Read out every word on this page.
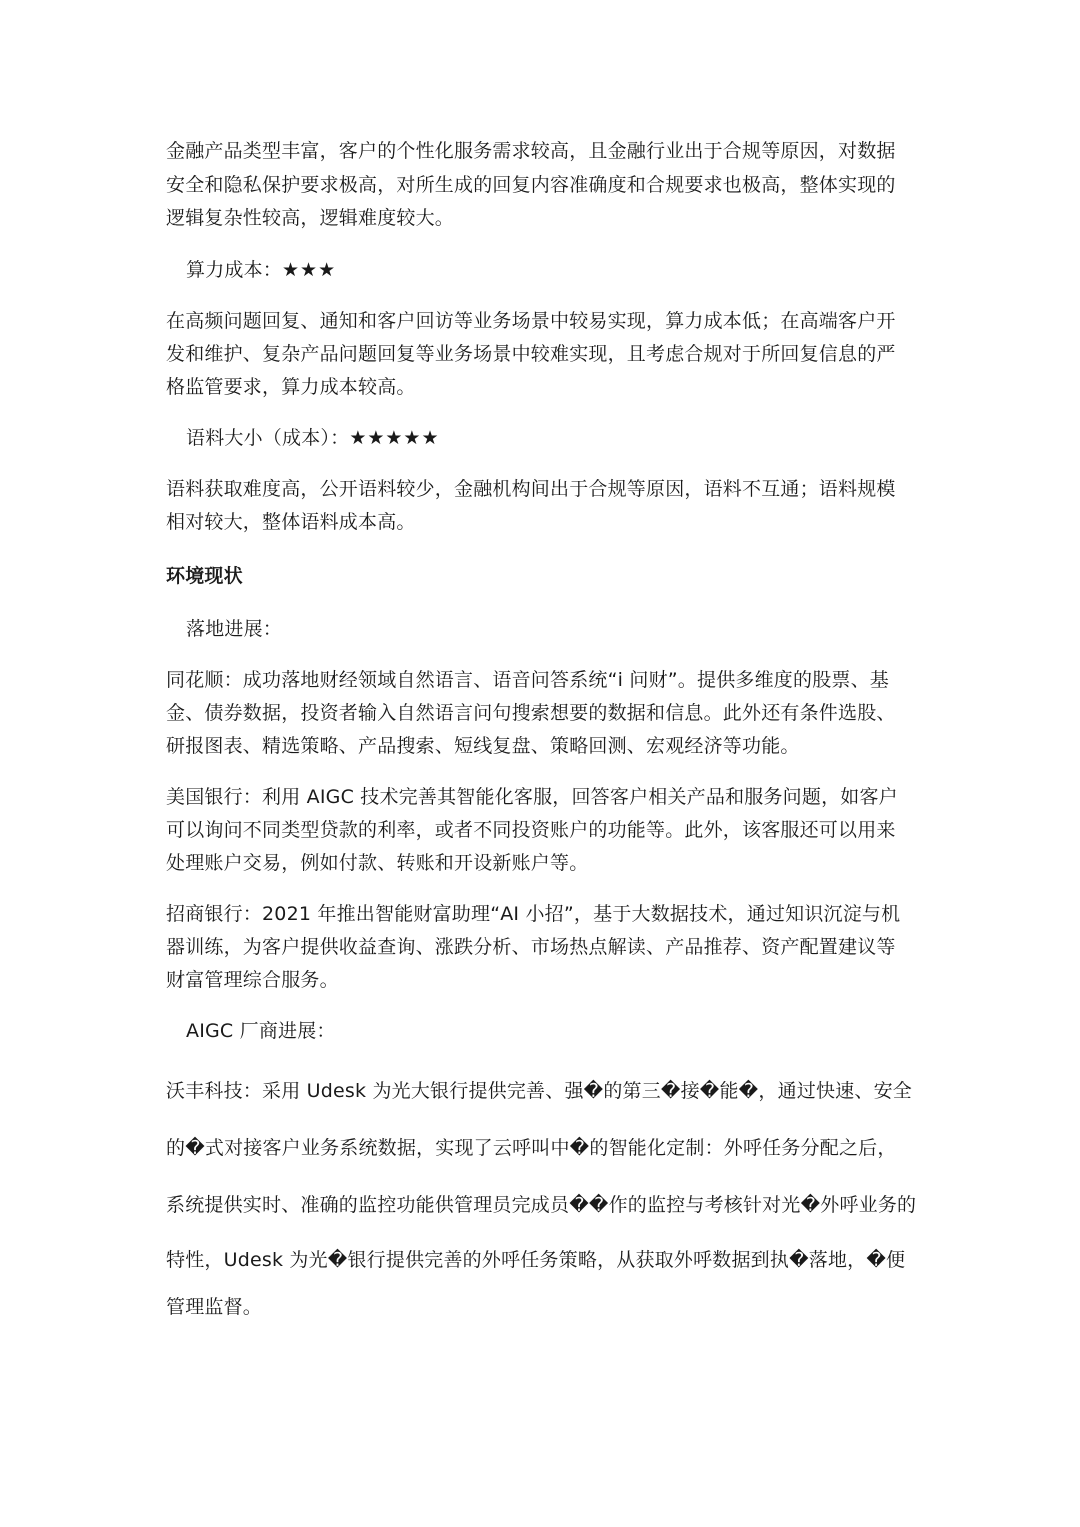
金融产品类型丰富，客户的个性化服务需求较高，且金融行业出于合规等原因，对数据
安全和隐私保护要求极高，对所生成的回复内容准确度和合规要求也极高，整体实现的
逻辑复杂性较高，逻辑难度较大。
算力成本：★★★
在高频问题回复、通知和客户回访等业务场景中较易实现，算力成本低；在高端客户开
发和维护、复杂产品问题回复等业务场景中较难实现，且考虑合规对于所回复信息的严
格监管要求，算力成本较高。
语料大小（成本）：★★★★★
语料获取难度高，公开语料较少，金融机构间出于合规等原因，语料不互通；语料规模
相对较大，整体语料成本高。
环境现状
落地进展：
同花顺：成功落地财经领域自然语言、语音问答系统“i 问财”。提供多维度的股票、基
金、债券数据，投资者输入自然语言问句搜索想要的数据和信息。此外还有条件选股、
研报图表、精选策略、产品搜索、短线复盘、策略回测、宏观经济等功能。
美国银行：利用 AIGC 技术完善其智能化客服，回答客户相关产品和服务问题，如客户
可以询问不同类型贷款的利率，或者不同投资账户的功能等。此外，该客服还可以用来
处理账户交易，例如付款、转账和开设新账户等。
招商银行：2021 年推出智能财富助理“AI 小招”，基于大数据技术，通过知识沉淀与机
器训练，为客户提供收益查询、涨跌分析、市场热点解读、产品推荐、资产配置建议等
财富管理综合服务。
AIGC 厂商进展：
沃丰科技：采用 Udesk 为光大银行提供完善、强�的第三�接�能�，通过快速、安全
的�式对接客户业务系统数据，实现了云呼叫中�的智能化定制：外呼任务分配之后，
系统提供实时、准确的监控功能供管理员完成员��作的监控与考核针对光�外呼业务的
特性，Udesk 为光�银行提供完善的外呼任务策略，从获取外呼数据到执�落地，�便
管理监督。
